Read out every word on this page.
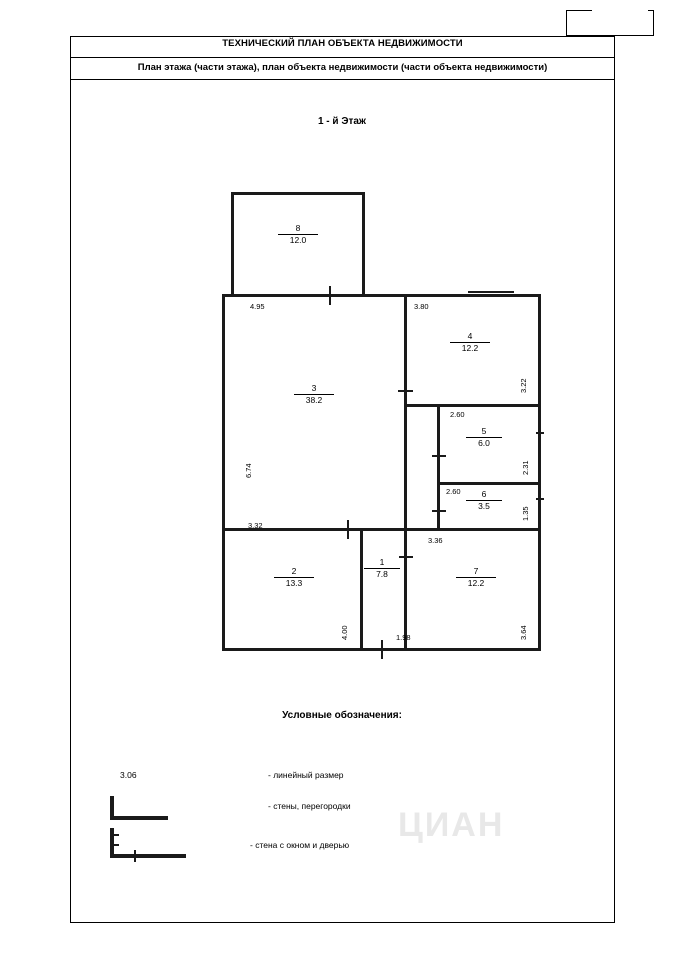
ТЕХНИЧЕСКИЙ ПЛАН ОБЪЕКТА НЕДВИЖИМОСТИ
План этажа (части этажа), план объекта недвижимости (части объекта недвижимости)
1 - й Этаж
8
12.0
3
38.2
4
12.2
5
6.0
6
3.5
2
13.3
1
7.8	7
12.2
4.95	3.80
3.22
2.60
2.31
2.60
1.35
6.74
3.32
3.36
4.00	1.98	3.64
Условные обозначения:
3.06	- линейный размер
- стены, перегородки
- стена с окном и дверью
ЦИАН
